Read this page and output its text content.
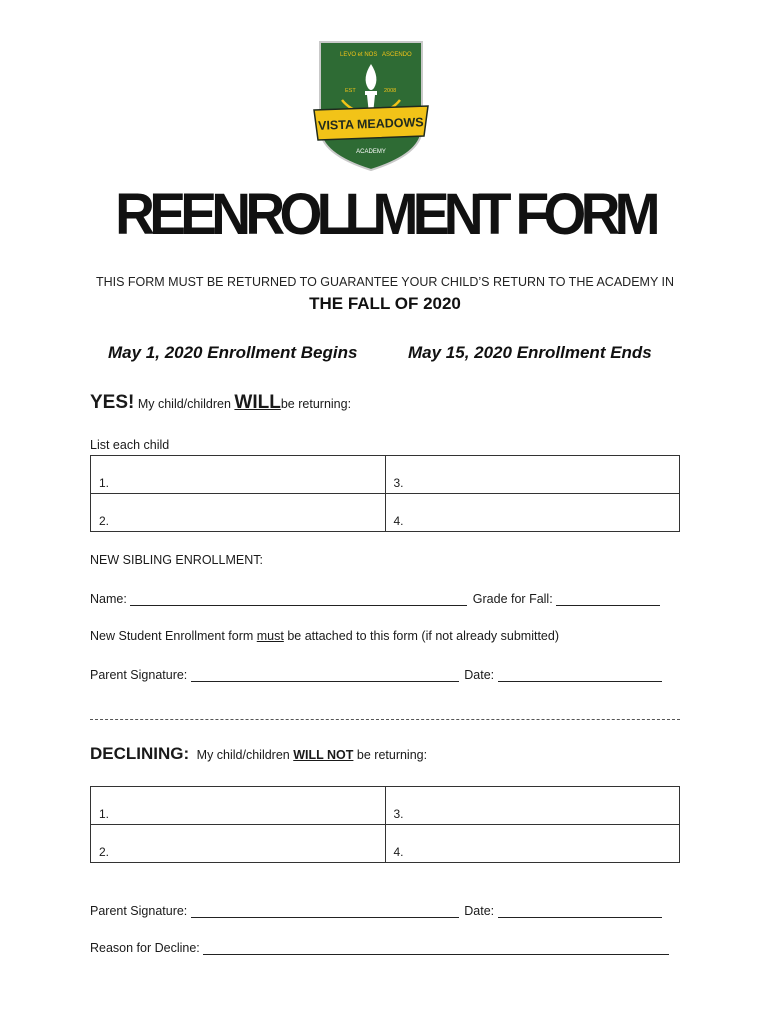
LEVO et NOS ASCENDO
EST	2008
VISTA MEADOWS
ACADEMY
REENROLLMENT FORM
THIS FORM MUST BE RETURNED TO GUARANTEE YOUR CHILD’S RETURN TO THE ACADEMY IN
THE FALL OF 2020
May 1, 2020 Enrollment Begins	May 15, 2020 Enrollment Ends
YES! My child/children WILLbe returning:
List each child
1.	3.
2.	4.
NEW SIBLING ENROLLMENT:
Name:	Grade for Fall:
New Student Enrollment form must be attached to this form (if not already submitted)
Parent Signature:	Date:
DECLINING: My child/children WILL NOT be returning:
1.	3.
2.	4.
Parent Signature:	Date:
Reason for Decline:
